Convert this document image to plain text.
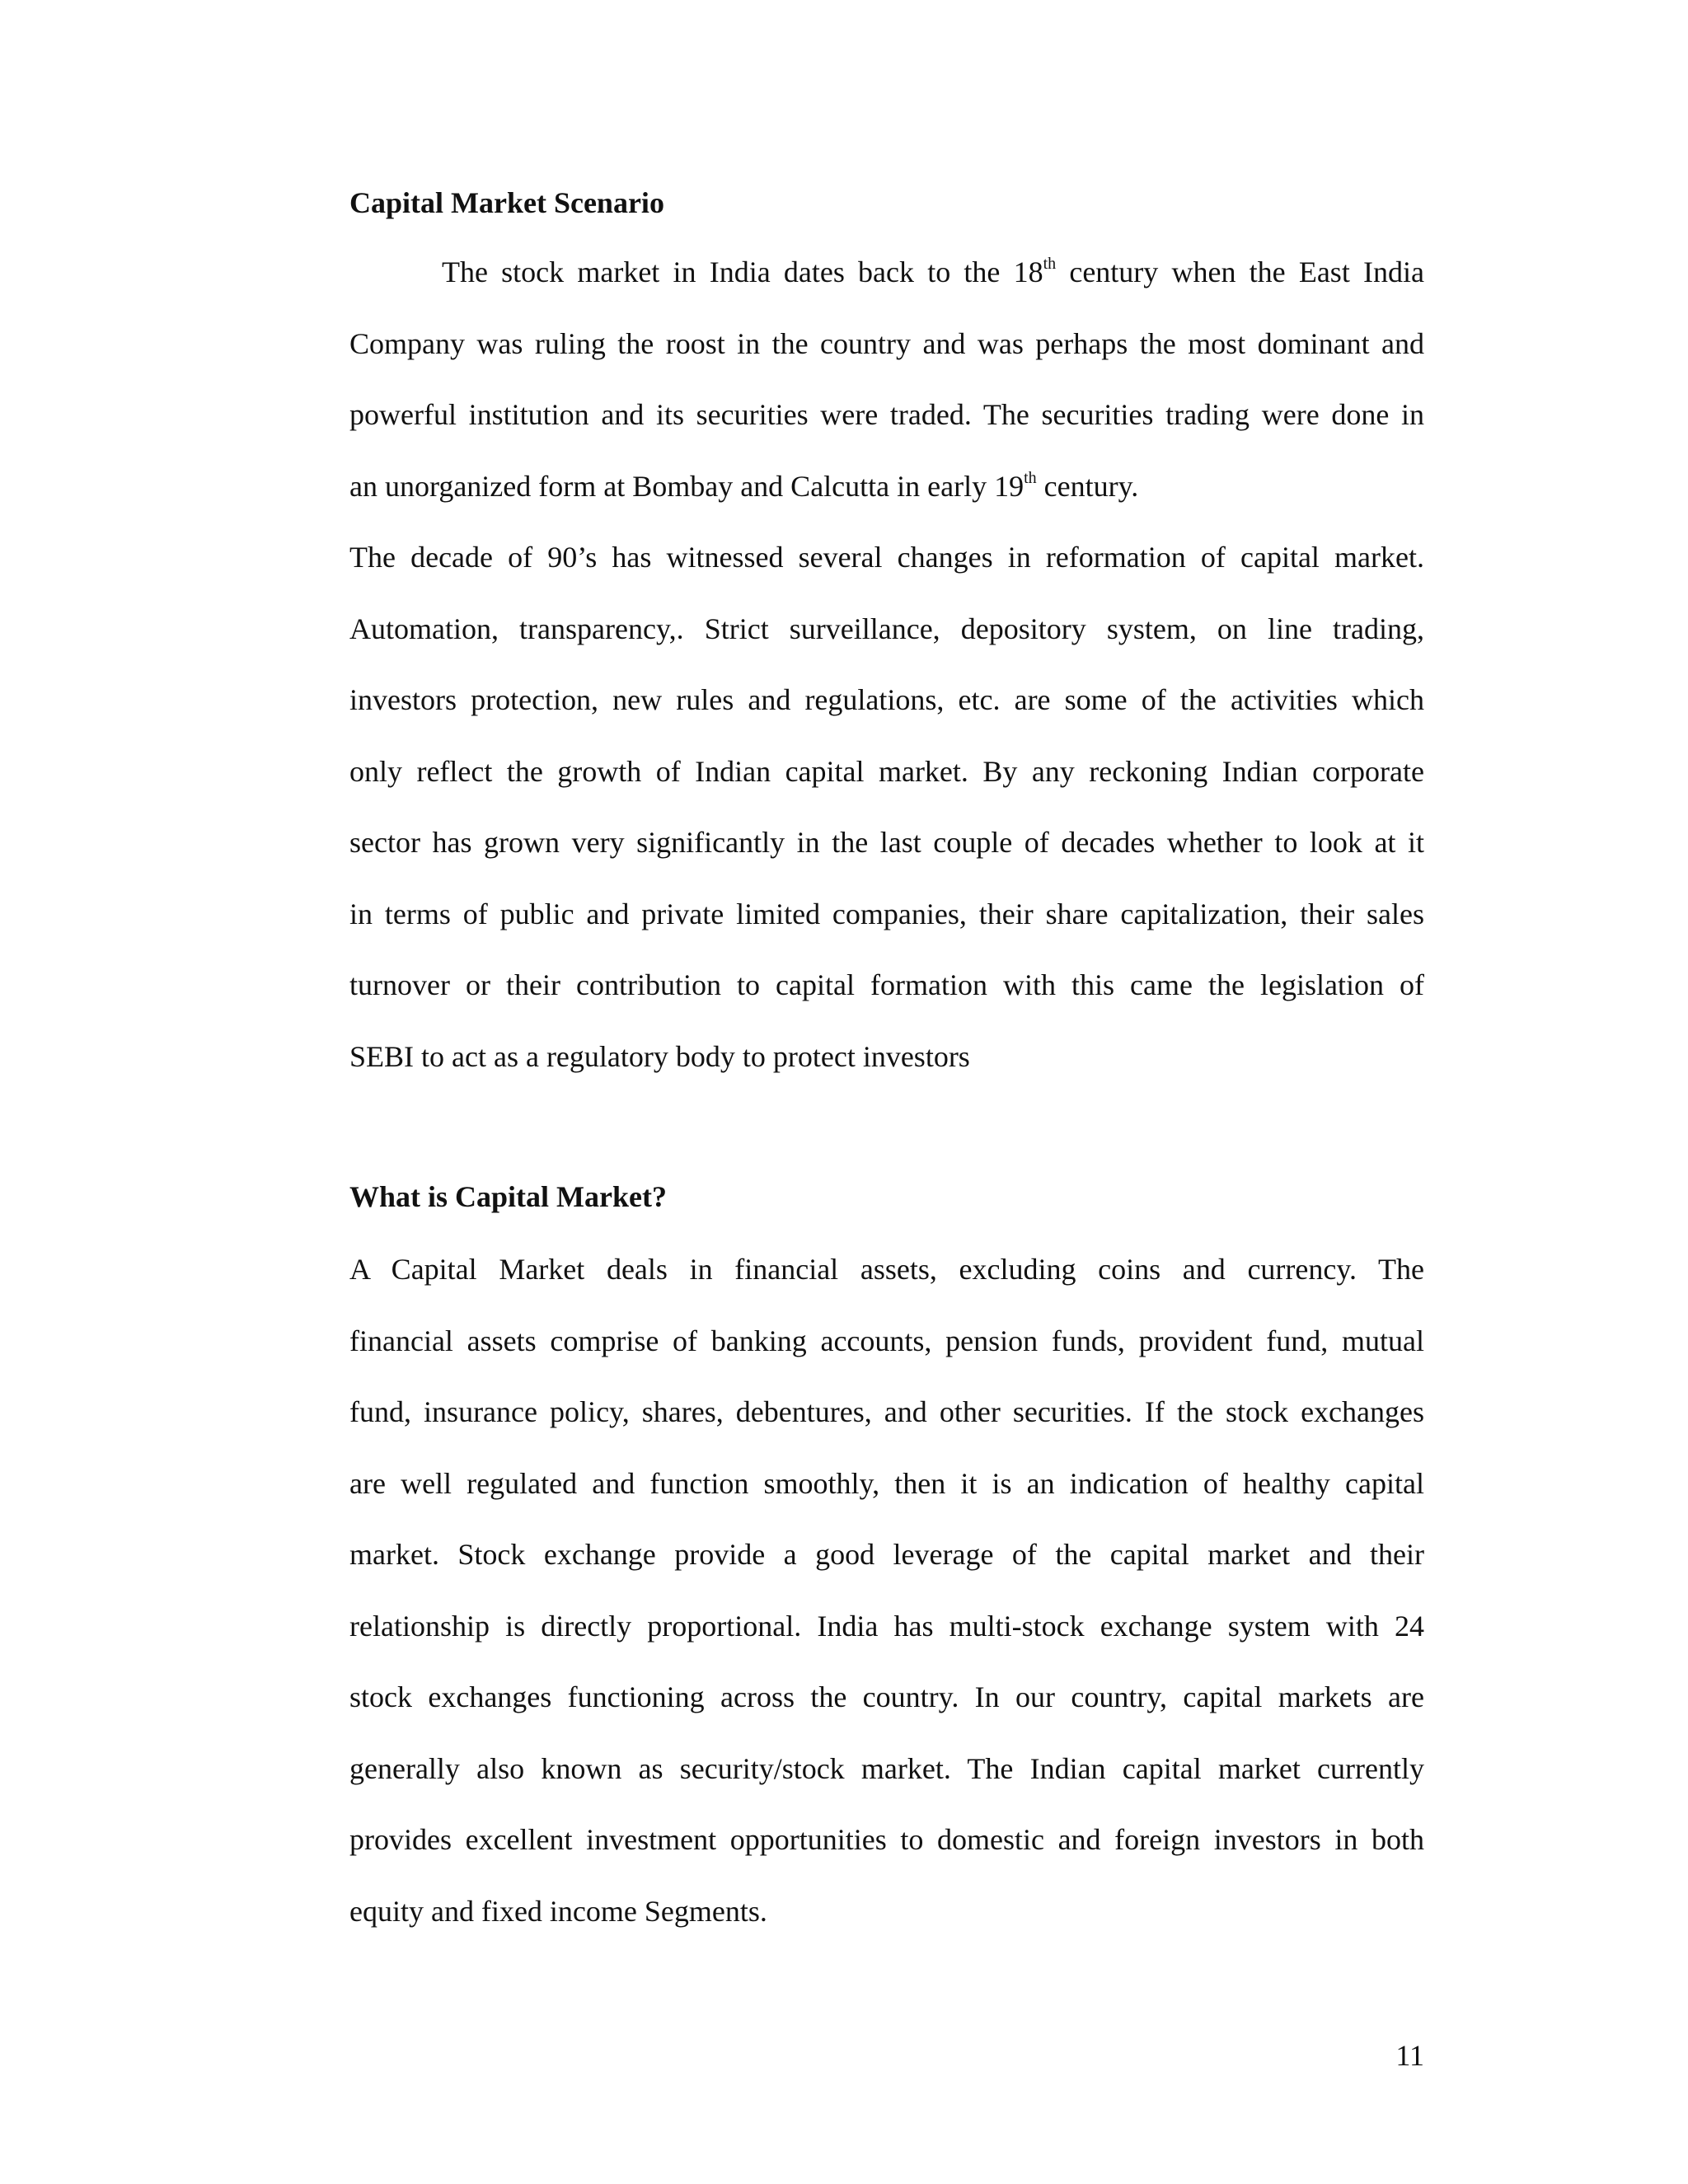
Capital Market Scenario
The stock market in India dates back to the 18th century when the East India
Company was ruling the roost in the country and was perhaps the most dominant and
powerful institution and its securities were traded. The securities trading were done in
an unorganized form at Bombay and Calcutta in early 19th century.
The decade of 90’s has witnessed several changes in reformation of capital market.
Automation, transparency,. Strict surveillance, depository system, on line trading,
investors protection, new rules and regulations, etc. are some of the activities which
only reflect the growth of Indian capital market. By any reckoning Indian corporate
sector has grown very significantly in the last couple of decades whether to look at it
in terms of public and private limited companies, their share capitalization, their sales
turnover or their contribution to capital formation with this came the legislation of
SEBI to act as a regulatory body to protect investors
What is Capital Market?
A Capital Market deals in financial assets, excluding coins and currency. The
financial assets comprise of banking accounts, pension funds, provident fund, mutual
fund, insurance policy, shares, debentures, and other securities. If the stock exchanges
are well regulated and function smoothly, then it is an indication of healthy capital
market. Stock exchange provide a good leverage of the capital market and their
relationship is directly proportional. India has multi-stock exchange system with 24
stock exchanges functioning across the country. In our country, capital markets are
generally also known as security/stock market. The Indian capital market currently
provides excellent investment opportunities to domestic and foreign investors in both
equity and fixed income Segments.
11
